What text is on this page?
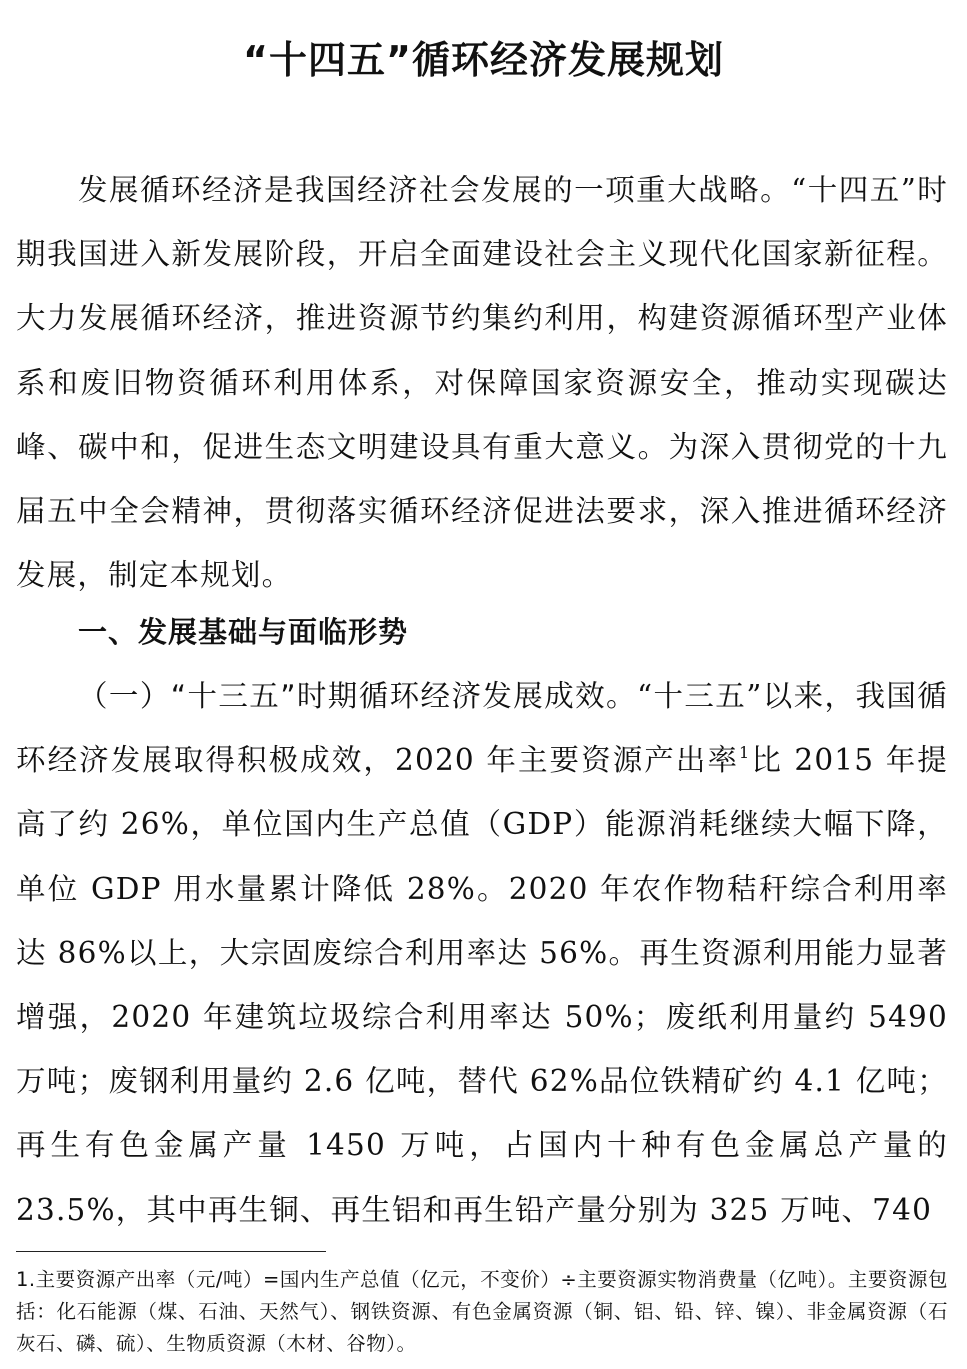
“十四五”循环经济发展规划

发展循环经济是我国经济社会发展的一项重大战略。“十四五”时期我国进入新发展阶段，开启全面建设社会主义现代化国家新征程。大力发展循环经济，推进资源节约集约利用，构建资源循环型产业体系和废旧物资循环利用体系，对保障国家资源安全，推动实现碳达峰、碳中和，促进生态文明建设具有重大意义。为深入贯彻党的十九届五中全会精神，贯彻落实循环经济促进法要求，深入推进循环经济发展，制定本规划。

一、发展基础与面临形势

（一）“十三五”时期循环经济发展成效。“十三五”以来，我国循环经济发展取得积极成效，2020 年主要资源产出率$^1$比 2015 年提高了约 26%，单位国内生产总值（GDP）能源消耗继续大幅下降，单位 GDP 用水量累计降低 28%。2020 年农作物秸秆综合利用率达 86%以上，大宗固废综合利用率达 56%。再生资源利用能力显著增强，2020 年建筑垃圾综合利用率达 50%；废纸利用量约 5490 万吨；废钢利用量约 2.6 亿吨，替代 62%品位铁精矿约 4.1 亿吨；再生有色金属产量 1450 万吨，占国内十种有色金属总产量的 23.5%，其中再生铜、再生铝和再生铅产量分别为 325 万吨、740

1.主要资源产出率（元/吨）=国内生产总值（亿元，不变价）÷主要资源实物消费量（亿吨）。主要资源包括：化石能源（煤、石油、天然气）、钢铁资源、有色金属资源（铜、铝、铅、锌、镍）、非金属资源（石灰石、磷、硫）、生物质资源（木材、谷物）。
